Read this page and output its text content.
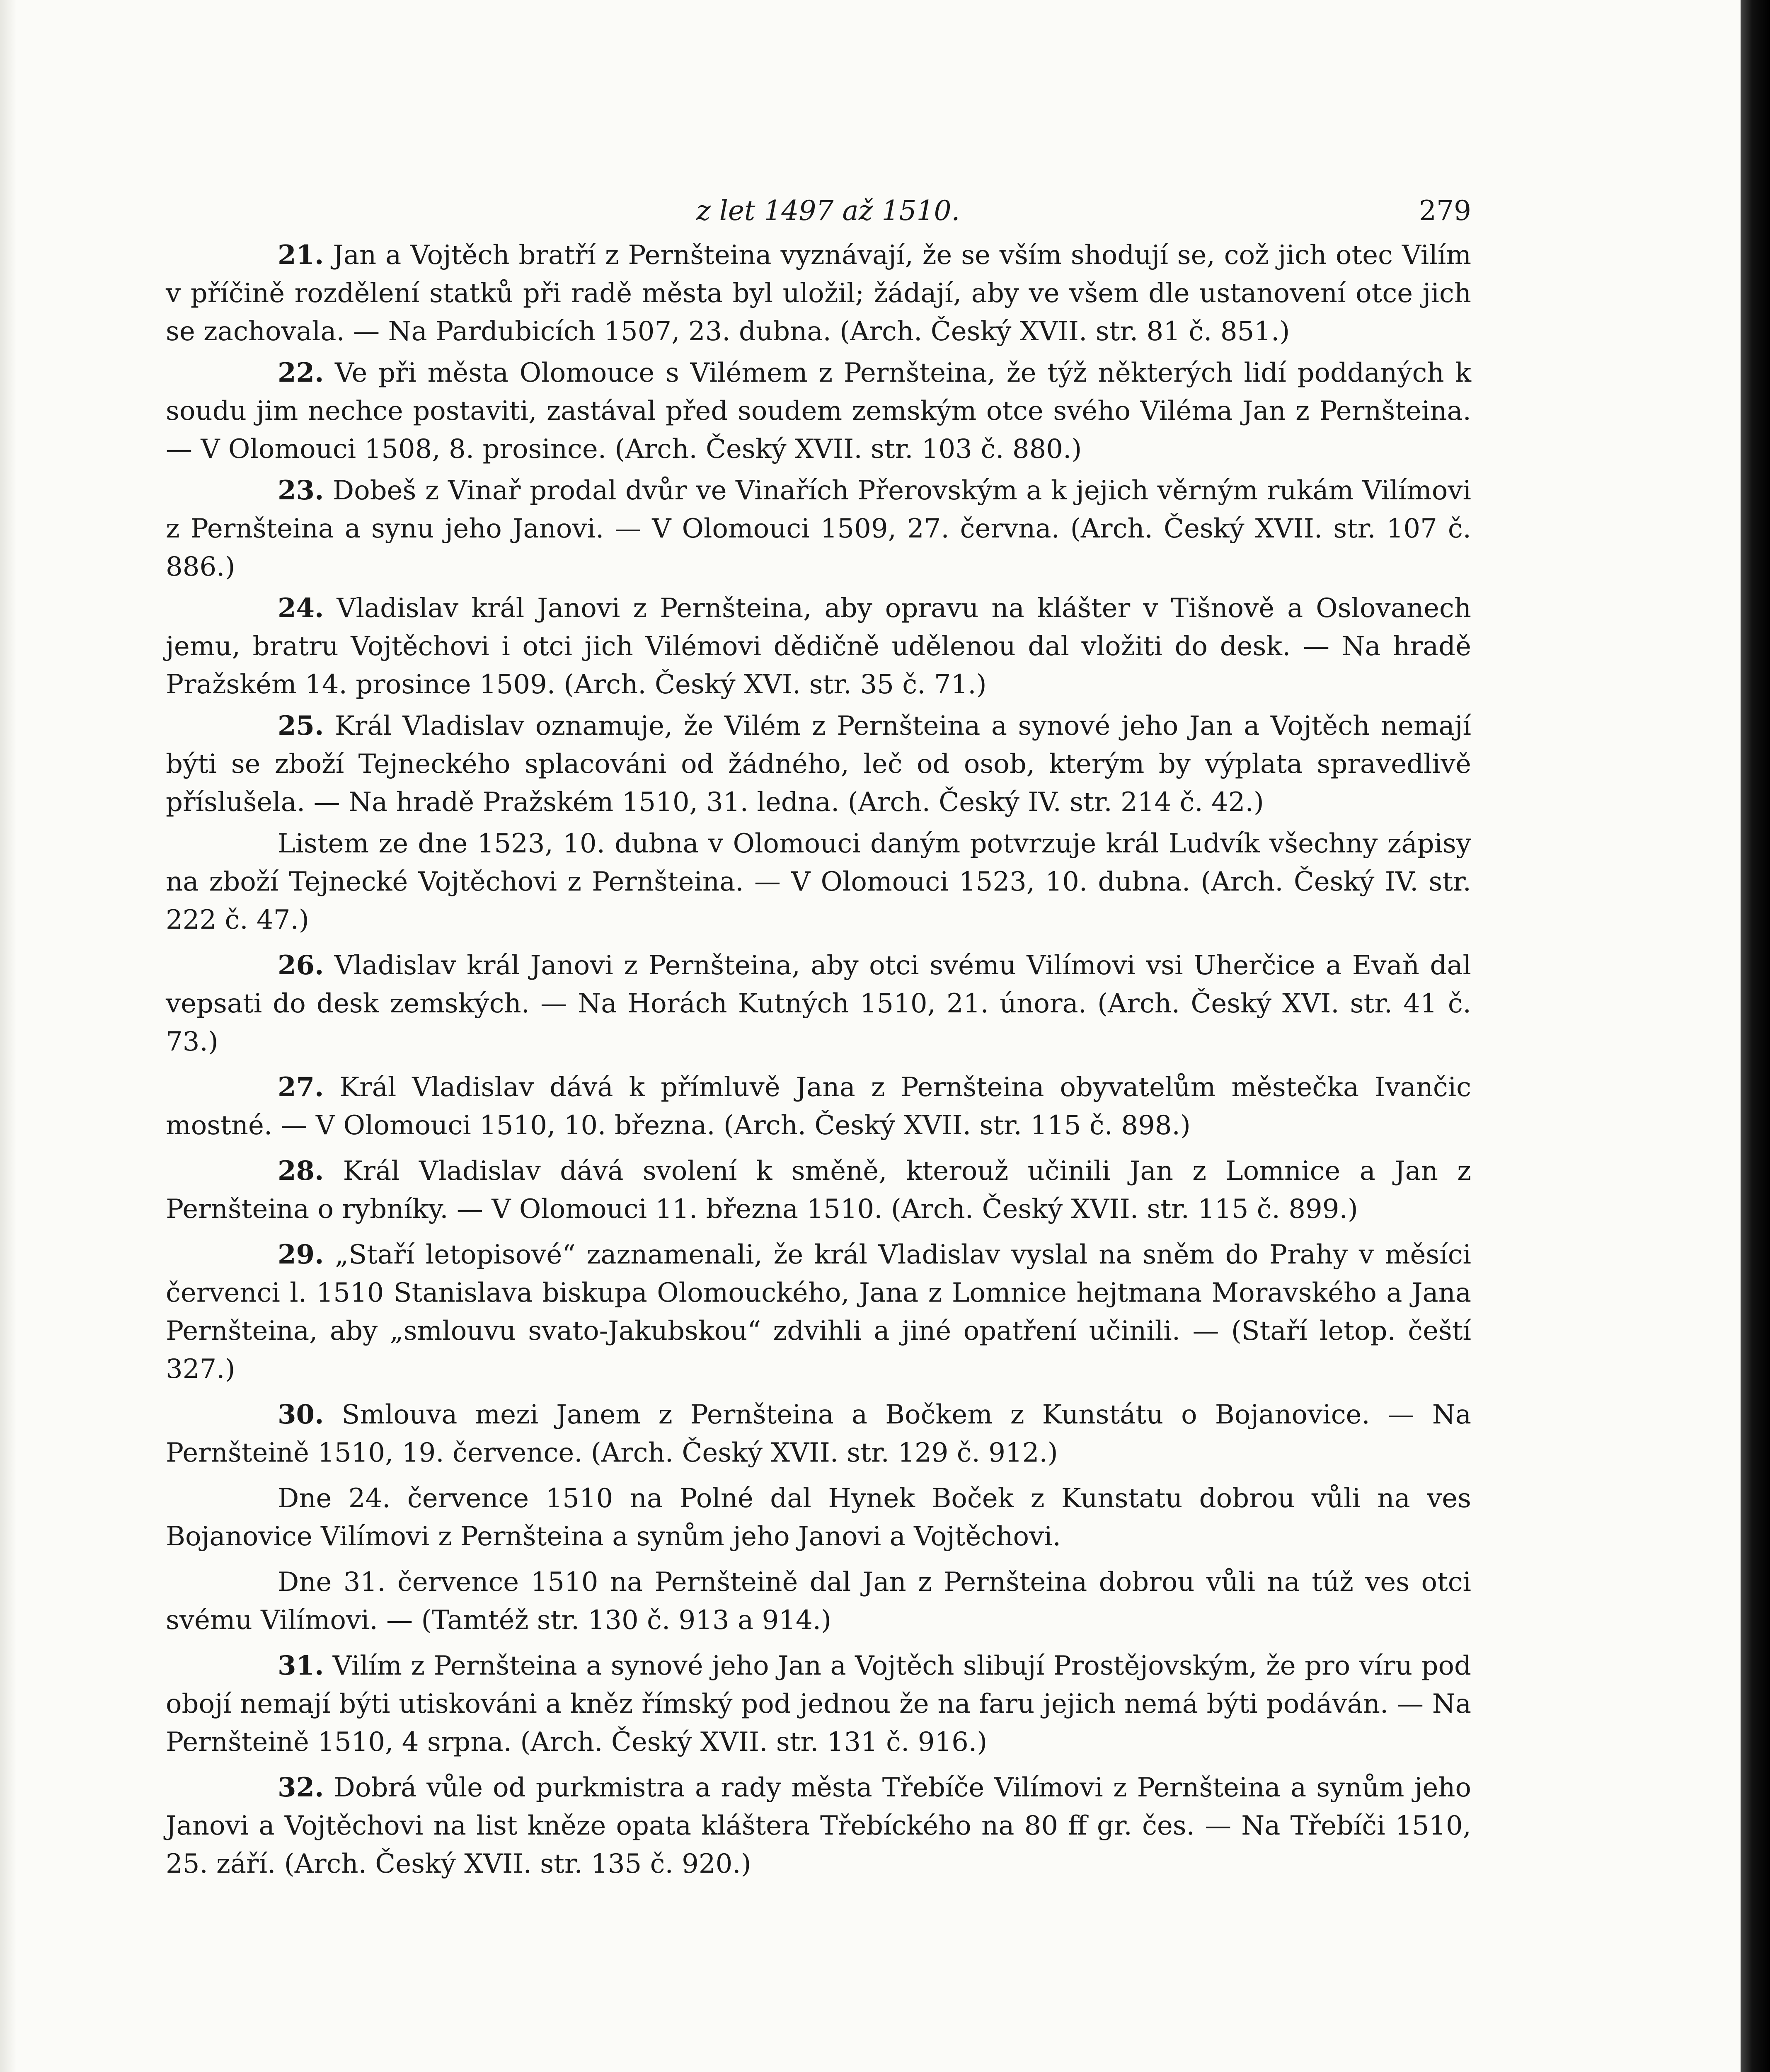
z let 1497 až 1510.	279

21. Jan a Vojtěch bratří z Pernšteina vyznávají, že se vším shodují se, což jich otec Vilím v příčině rozdělení statků při radě města byl uložil; žádají, aby ve všem dle ustanovení otce jich se zachovala. — Na Pardubicích 1507, 23. dubna. (Arch. Český XVII. str. 81 č. 851.)

22. Ve při města Olomouce s Vilémem z Pernšteina, že týž některých lidí poddaných k soudu jim nechce postaviti, zastával před soudem zemským otce svého Viléma Jan z Pernšteina. — V Olomouci 1508, 8. prosince. (Arch. Český XVII. str. 103 č. 880.)

23. Dobeš z Vinař prodal dvůr ve Vinařích Přerovským a k jejich věrným rukám Vilímovi z Pernšteina a synu jeho Janovi. — V Olomouci 1509, 27. června. (Arch. Český XVII. str. 107 č. 886.)

24. Vladislav král Janovi z Pernšteina, aby opravu na klášter v Tišnově a Oslovanech jemu, bratru Vojtěchovi i otci jich Vilémovi dědičně udělenou dal vložiti do desk. — Na hradě Pražském 14. prosince 1509. (Arch. Český XVI. str. 35 č. 71.)

25. Král Vladislav oznamuje, že Vilém z Pernšteina a synové jeho Jan a Vojtěch nemají býti se zboží Tejneckého splacováni od žádného, leč od osob, kterým by výplata spravedlivě příslušela. — Na hradě Pražském 1510, 31. ledna. (Arch. Český IV. str. 214 č. 42.)

Listem ze dne 1523, 10. dubna v Olomouci daným potvrzuje král Ludvík všechny zápisy na zboží Tejnecké Vojtěchovi z Pernšteina. — V Olomouci 1523, 10. dubna. (Arch. Český IV. str. 222 č. 47.)

26. Vladislav král Janovi z Pernšteina, aby otci svému Vilímovi vsi Uherčice a Evaň dal vepsati do desk zemských. — Na Horách Kutných 1510, 21. února. (Arch. Český XVI. str. 41 č. 73.)

27. Král Vladislav dává k přímluvě Jana z Pernšteina obyvatelům městečka Ivančic mostné. — V Olomouci 1510, 10. března. (Arch. Český XVII. str. 115 č. 898.)

28. Král Vladislav dává svolení k směně, kterouž učinili Jan z Lomnice a Jan z Pernšteina o rybníky. — V Olomouci 11. března 1510. (Arch. Český XVII. str. 115 č. 899.)

29. „Staří letopisové“ zaznamenali, že král Vladislav vyslal na sněm do Prahy v měsíci červenci l. 1510 Stanislava biskupa Olomouckého, Jana z Lomnice hejtmana Moravského a Jana Pernšteina, aby „smlouvu svato-Jakubskou“ zdvihli a jiné opatření učinili. — (Staří letop. čeští 327.)

30. Smlouva mezi Janem z Pernšteina a Bočkem z Kunstátu o Bojanovice. — Na Pernšteině 1510, 19. července. (Arch. Český XVII. str. 129 č. 912.)

Dne 24. července 1510 na Polné dal Hynek Boček z Kunstatu dobrou vůli na ves Bojanovice Vilímovi z Pernšteina a synům jeho Janovi a Vojtěchovi.

Dne 31. července 1510 na Pernšteině dal Jan z Pernšteina dobrou vůli na túž ves otci svému Vilímovi. — (Tamtéž str. 130 č. 913 a 914.)

31. Vilím z Pernšteina a synové jeho Jan a Vojtěch slibují Prostějovským, že pro víru pod obojí nemají býti utiskováni a kněz římský pod jednou že na faru jejich nemá býti podáván. — Na Pernšteině 1510, 4 srpna. (Arch. Český XVII. str. 131 č. 916.)

32. Dobrá vůle od purkmistra a rady města Třebíče Vilímovi z Pernšteina a synům jeho Janovi a Vojtěchovi na list kněze opata kláštera Třebíckého na 80 ff gr. čes. — Na Třebíči 1510, 25. září. (Arch. Český XVII. str. 135 č. 920.)
